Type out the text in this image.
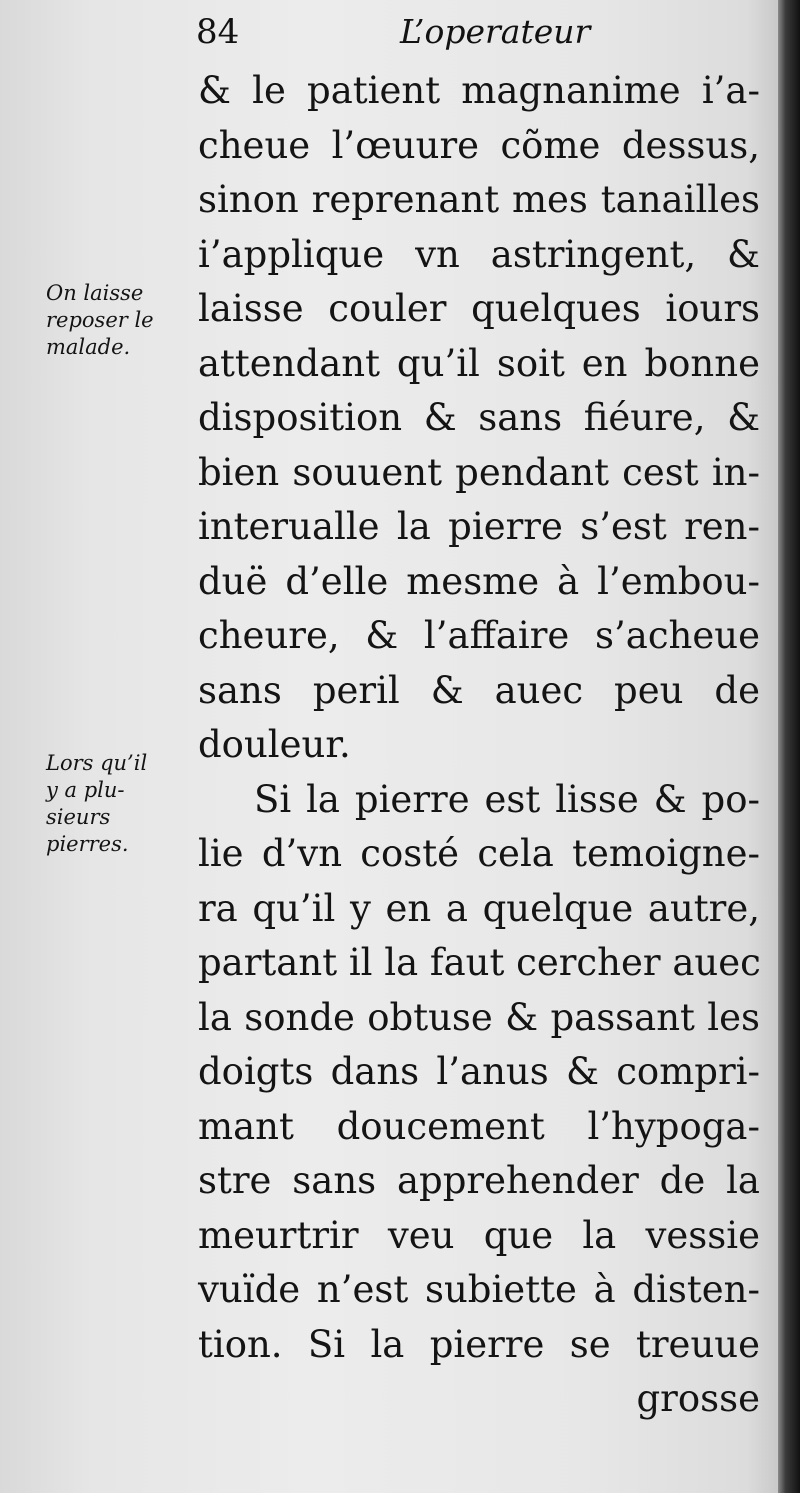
84	L’operateur
On laisse
reposer le
malade.
Lors qu’il
y a plu-
sieurs
pierres.
& le patient magnanime i’a-
cheue l’œuure cõme dessus,
sinon reprenant mes tanailles
i’applique vn astringent, &
laisse couler quelques iours
attendant qu’il soit en bonne
disposition & sans fiéure, &
bien souuent pendant cest in-
interualle la pierre s’est ren-
duë d’elle mesme à l’embou-
cheure, & l’affaire s’acheue
sans peril & auec peu de
douleur.
Si la pierre est lisse & po-
lie d’vn costé cela temoigne-
ra qu’il y en a quelque autre,
partant il la faut cercher auec
la sonde obtuse & passant les
doigts dans l’anus & compri-
mant doucement l’hypoga-
stre sans apprehender de la
meurtrir veu que la vessie
vuïde n’est subiette à disten-
tion. Si la pierre se treuue
grosse
